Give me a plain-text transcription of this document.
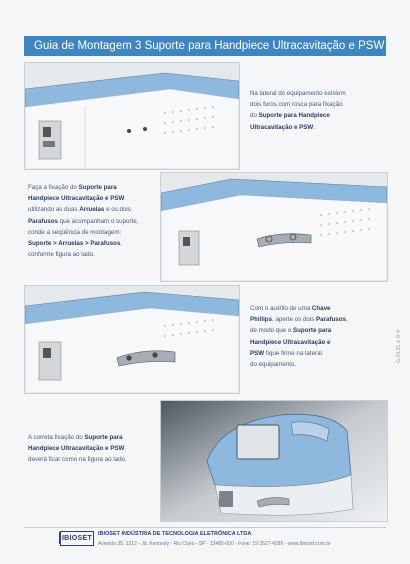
Guia de Montagem 3 Suporte para Handpiece Ultracavitação e PSW
Na lateral do equipamento existem
dois furos com rosca para fixação
do Suporte para Handpiece
Ultracavitação e PSW.
Faça a fixação do Suporte para
Handpiece Ultracavitação e PSW
utilizando as duas Arruelas e os dois
Parafusos que acompanham o suporte,
conde a seqüência de montagem:
Suporte > Arruelas > Parafusos,
conforme figura ao lado.
Com o auxílio de uma Chave
Phillips, aperte os dois Parafusos,
de modo que o Suporte para
Handpiece Ultracavitação e
PSW fique firme na lateral
do equipamento.
G-0131-1-9-4
A correta fixação do Suporte para
Handpiece Ultracavitação e PSW
deverá ficar como na figura ao lado.
IBIOSET
IBIOSET INDÚSTRIA DE TECNOLOGIA ELETRÔNICA LTDA
Avenida 35, 1212 - Jd. Kennedy - Rio Claro - SP - 13485-000 - Fone: 19 3527-4289 - www.ibioset.com.br
